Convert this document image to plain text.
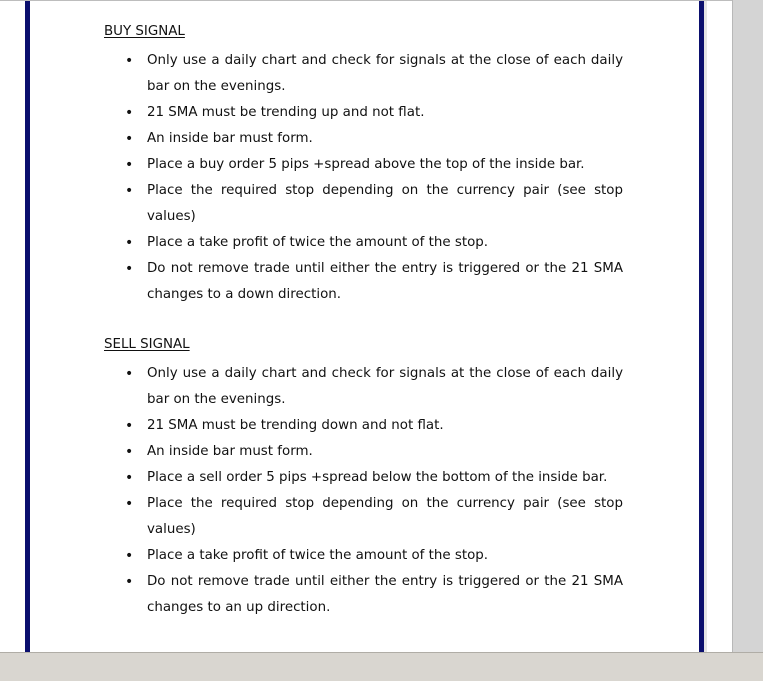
BUY SIGNAL
• Only use a daily chart and check for signals at the close of each daily bar on the evenings.
• 21 SMA must be trending up and not flat.
• An inside bar must form.
• Place a buy order 5 pips +spread above the top of the inside bar.
• Place the required stop depending on the currency pair (see stop values)
• Place a take profit of twice the amount of the stop.
• Do not remove trade until either the entry is triggered or the 21 SMA changes to a down direction.
SELL SIGNAL
• Only use a daily chart and check for signals at the close of each daily bar on the evenings.
• 21 SMA must be trending down and not flat.
• An inside bar must form.
• Place a sell order 5 pips +spread below the bottom of the inside bar.
• Place the required stop depending on the currency pair (see stop values)
• Place a take profit of twice the amount of the stop.
• Do not remove trade until either the entry is triggered or the 21 SMA changes to an up direction.
